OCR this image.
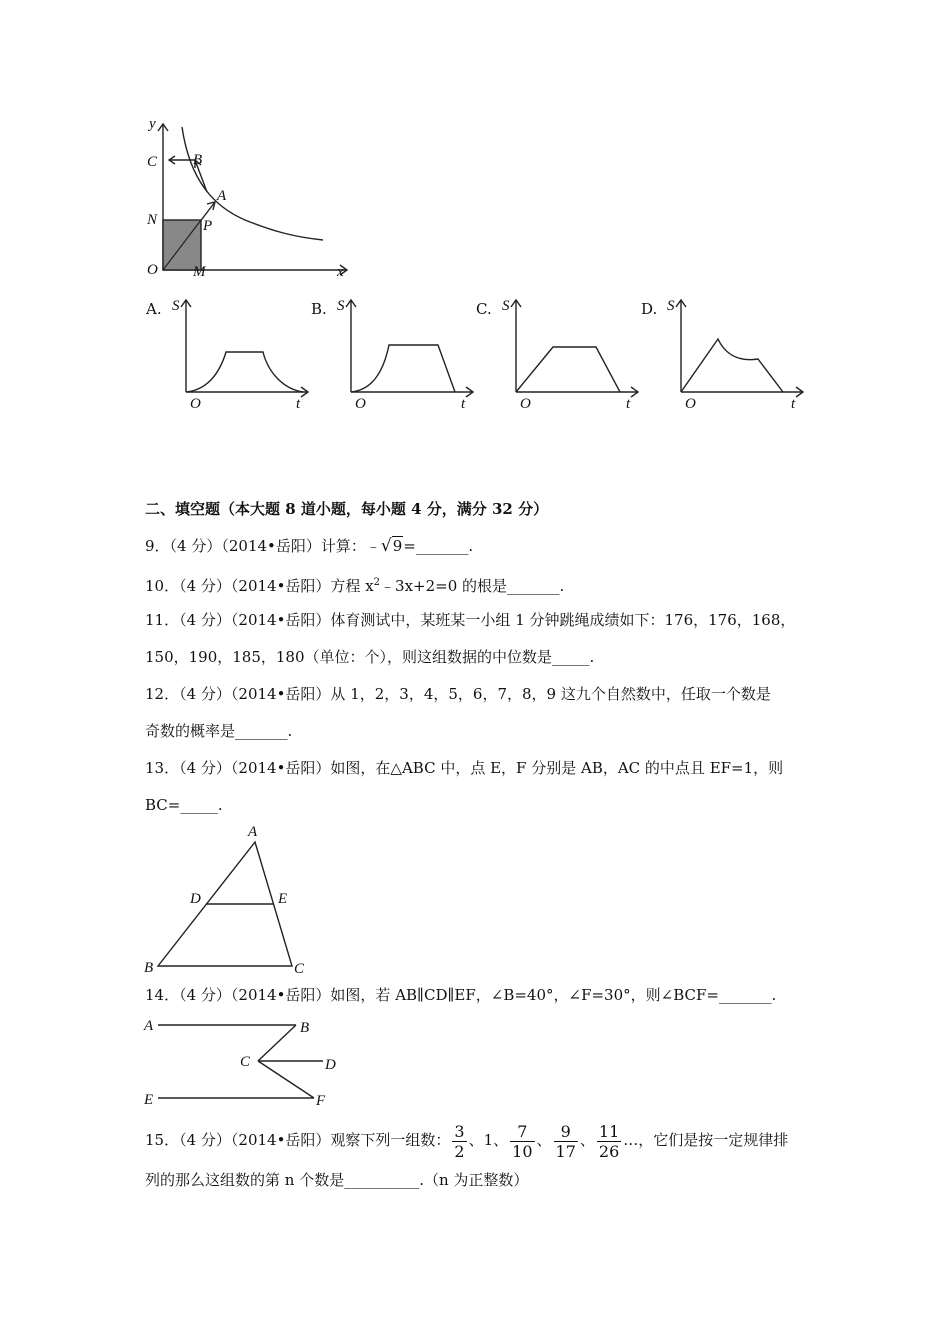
y
x
C B
A
N	P
O M
A.	B.	C.	D.
S
O	t
S
O	t
S
O	t
S
O	t
二、填空题（本大题 8 道小题，每小题 4 分，满分 32 分）
9．（4 分）（2014•岳阳）计算：﹣√9=_______.
10．（4 分）（2014•岳阳）方程 $x^2﹣3x+2=0$ 的根是_______.
11．（4 分）（2014•岳阳）体育测试中，某班某一小组 1 分钟跳绳成绩如下：176，176，168，
150，190，185，180（单位：个），则这组数据的中位数是_____.
12．（4 分）（2014•岳阳）从 1，2，3，4，5，6，7，8，9 这九个自然数中，任取一个数是
奇数的概率是_______.
13．（4 分）（2014•岳阳）如图，在△ABC 中，点 E，F 分别是 AB，AC 的中点且 EF=1，则
BC=_____.
A
D	E
B	C
14．（4 分）（2014•岳阳）如图，若 AB∥CD∥EF，∠B=40°，∠F=30°，则∠BCF=_______.
A	B
C	D
E	F
15．（4 分）（2014•岳阳）观察下列一组数： $\frac{3}{2}$ 、1、 $\frac{7}{10}$ 、 $\frac{9}{17}$ 、 $\frac{11}{26}$ …，它们是按一定规律排
列的那么这组数的第 n 个数是__________.（n 为正整数）
